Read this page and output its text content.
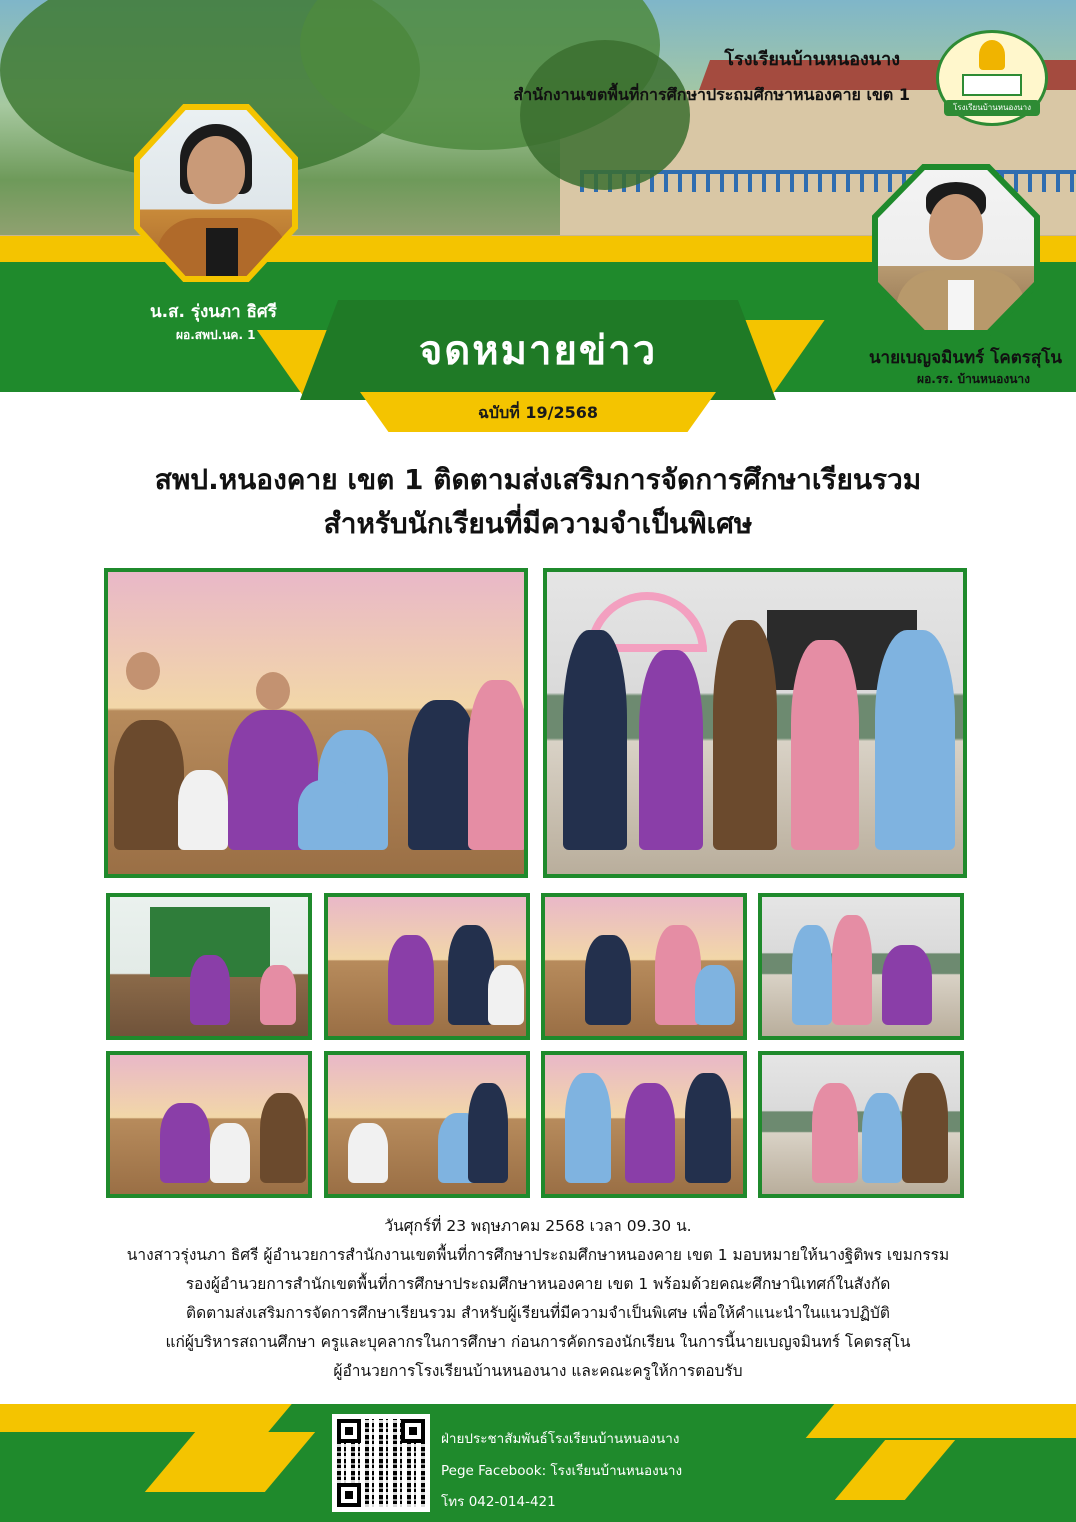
โรงเรียนบ้านหนองนาง
สำนักงานเขตพื้นที่การศึกษาประถมศึกษาหนองคาย เขต 1
โรงเรียนบ้านหนองนาง
น.ส. รุ่งนภา ธิศรี
ผอ.สพป.นค. 1
นายเบญจมินทร์ โคตรสุโน
ผอ.รร. บ้านหนองนาง
จดหมายข่าว
ฉบับที่ 19/2568
สพป.หนองคาย เขต 1 ติดตามส่งเสริมการจัดการศึกษาเรียนรวม
สำหรับนักเรียนที่มีความจำเป็นพิเศษ
วันศุกร์ที่ 23 พฤษภาคม 2568 เวลา 09.30 น.
นางสาวรุ่งนภา ธิศรี ผู้อำนวยการสำนักงานเขตพื้นที่การศึกษาประถมศึกษาหนองคาย เขต 1 มอบหมายให้นางฐิติพร เขมกรรม
รองผู้อำนวยการสำนักเขตพื้นที่การศึกษาประถมศึกษาหนองคาย เขต 1 พร้อมด้วยคณะศึกษานิเทศก์ในสังกัด
ติดตามส่งเสริมการจัดการศึกษาเรียนรวม สำหรับผู้เรียนที่มีความจำเป็นพิเศษ เพื่อให้คำแนะนำในแนวปฏิบัติ
แก่ผู้บริหารสถานศึกษา ครูและบุคลากรในการศึกษา ก่อนการคัดกรองนักเรียน ในการนี้นายเบญจมินทร์ โคตรสุโน
ผู้อำนวยการโรงเรียนบ้านหนองนาง และคณะครูให้การตอบรับ
ฝ่ายประชาสัมพันธ์โรงเรียนบ้านหนองนาง
Pege Facebook: โรงเรียนบ้านหนองนาง
โทร 042-014-421
